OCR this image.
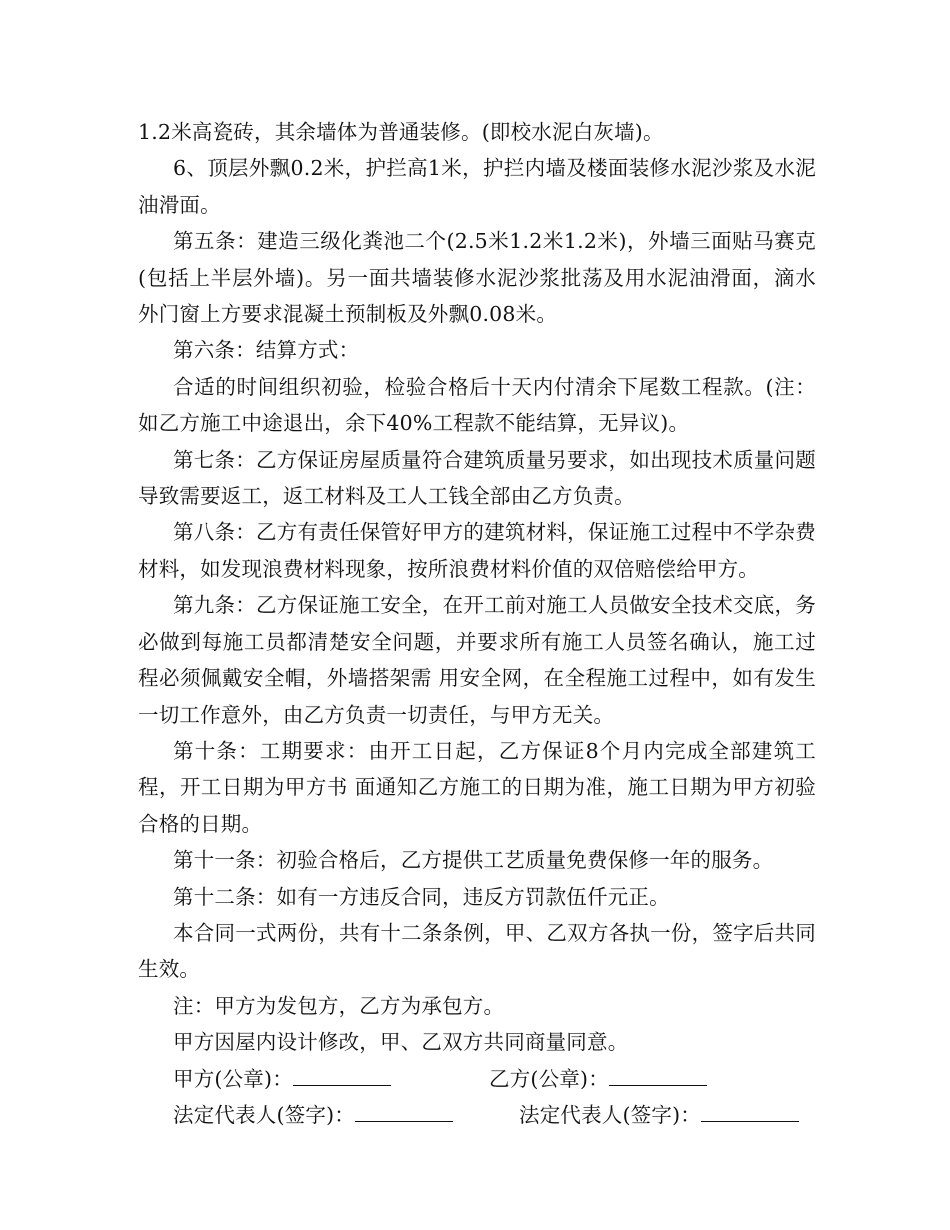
1.2米高瓷砖，其余墙体为普通装修。(即校水泥白灰墙)。

6、顶层外飘0.2米，护拦高1米，护拦内墙及楼面装修水泥沙浆及水泥油滑面。

第五条：建造三级化粪池二个(2.5米1.2米1.2米)，外墙三面贴马赛克(包括上半层外墙)。另一面共墙装修水泥沙浆批荡及用水泥油滑面，滴水外门窗上方要求混凝土预制板及外飘0.08米。

第六条：结算方式：

合适的时间组织初验，检验合格后十天内付清余下尾数工程款。(注：如乙方施工中途退出，余下40%工程款不能结算，无异议)。

第七条：乙方保证房屋质量符合建筑质量另要求，如出现技术质量问题导致需要返工，返工材料及工人工钱全部由乙方负责。

第八条：乙方有责任保管好甲方的建筑材料，保证施工过程中不学杂费材料，如发现浪费材料现象，按所浪费材料价值的双倍赔偿给甲方。

第九条：乙方保证施工安全，在开工前对施工人员做安全技术交底，务必做到每施工员都清楚安全问题，并要求所有施工人员签名确认，施工过程必须佩戴安全帽，外墙搭架需 用安全网，在全程施工过程中，如有发生一切工作意外，由乙方负责一切责任，与甲方无关。

第十条：工期要求：由开工日起，乙方保证8个月内完成全部建筑工程，开工日期为甲方书 面通知乙方施工的日期为准，施工日期为甲方初验合格的日期。

第十一条：初验合格后，乙方提供工艺质量免费保修一年的服务。

第十二条：如有一方违反合同，违反方罚款伍仟元正。

本合同一式两份，共有十二条条例，甲、乙双方各执一份，签字后共同生效。

注：甲方为发包方，乙方为承包方。

甲方因屋内设计修改，甲、乙双方共同商量同意。

甲方(公章)：	乙方(公章)：
法定代表人(签字)：	法定代表人(签字)：
